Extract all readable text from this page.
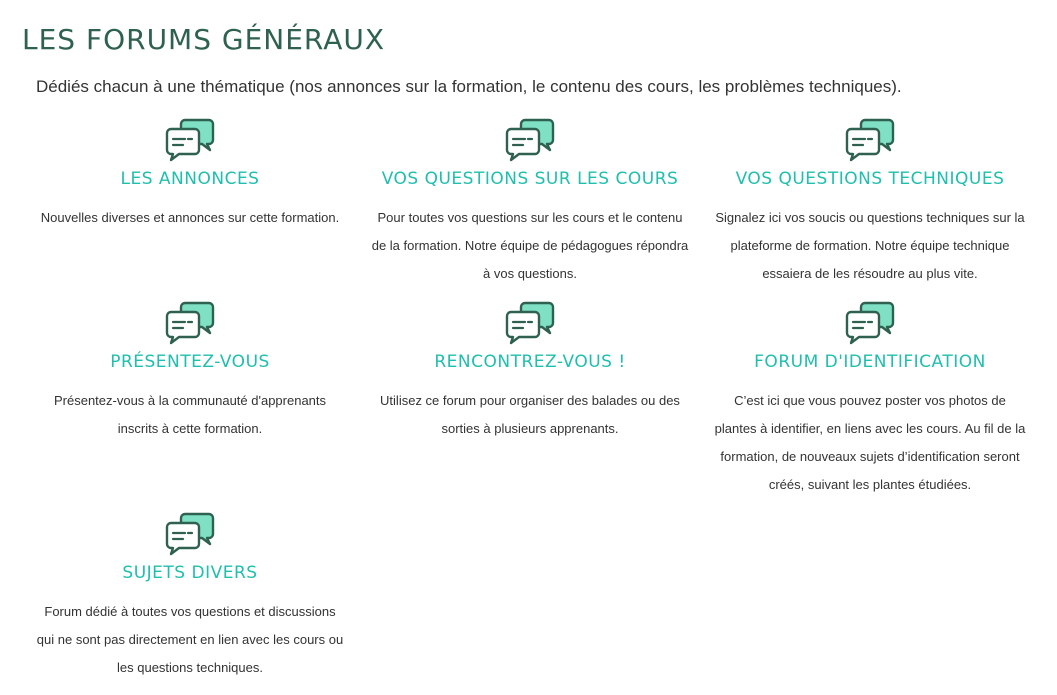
LES FORUMS GÉNÉRAUX

Dédiés chacun à une thématique (nos annonces sur la formation, le contenu des cours, les problèmes techniques).

LES ANNONCES

Nouvelles diverses et annonces sur cette formation.

VOS QUESTIONS SUR LES COURS

Pour toutes vos questions sur les cours et le contenu de la formation. Notre équipe de pédagogues répondra à vos questions.

VOS QUESTIONS TECHNIQUES

Signalez ici vos soucis ou questions techniques sur la plateforme de formation. Notre équipe technique essaiera de les résoudre au plus vite.

PRÉSENTEZ-VOUS

Présentez-vous à la communauté d'apprenants inscrits à cette formation.

RENCONTREZ-VOUS !

Utilisez ce forum pour organiser des balades ou des sorties à plusieurs apprenants.

FORUM D'IDENTIFICATION

C’est ici que vous pouvez poster vos photos de plantes à identifier, en liens avec les cours. Au fil de la formation, de nouveaux sujets d’identification seront créés, suivant les plantes étudiées.

SUJETS DIVERS

Forum dédié à toutes vos questions et discussions qui ne sont pas directement en lien avec les cours ou les questions techniques.
